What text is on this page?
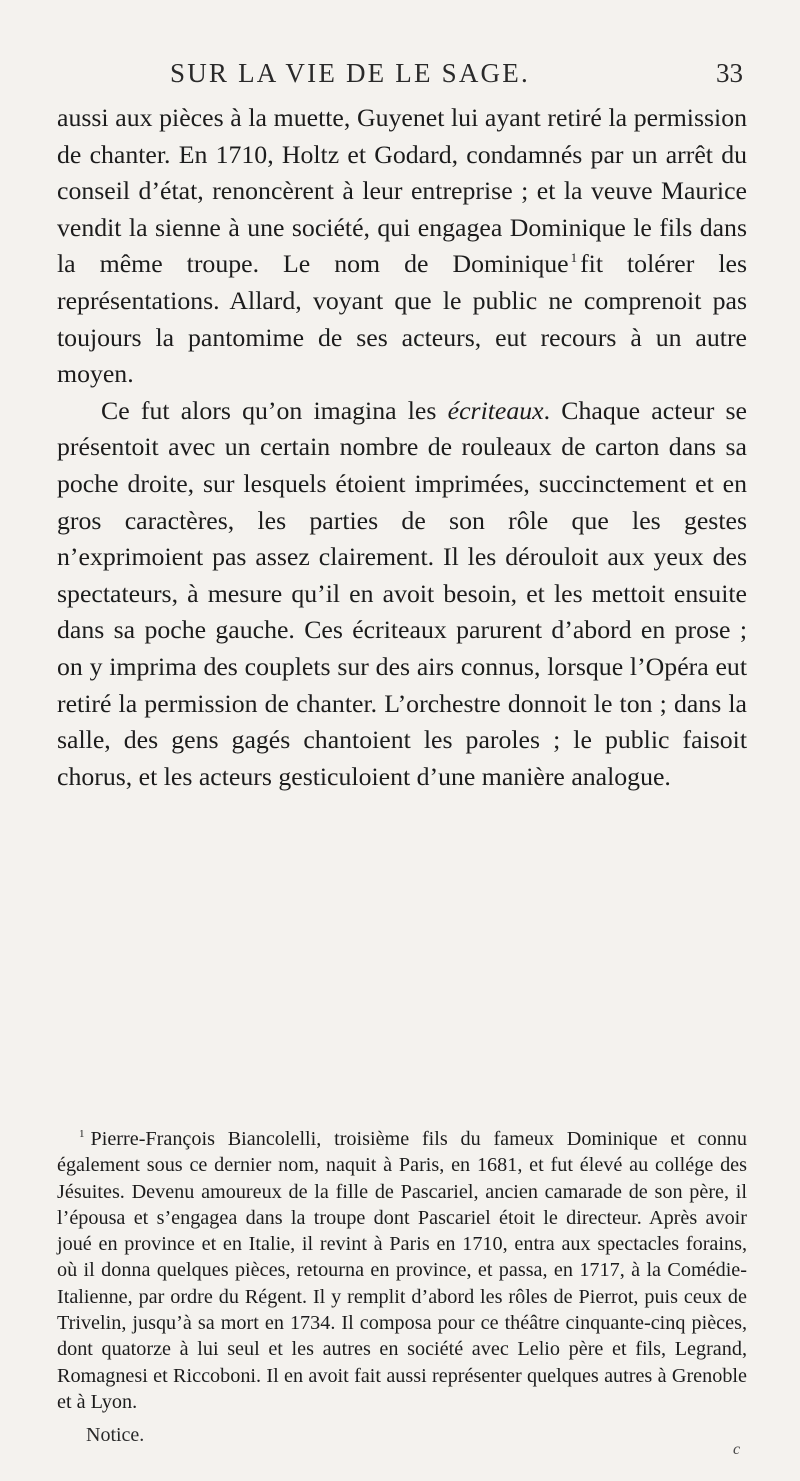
SUR LA VIE DE LE SAGE.	33

aussi aux pièces à la muette, Guyenet lui ayant retiré la permission de chanter. En 1710, Holtz et Godard, condamnés par un arrêt du conseil d’état, renoncèrent à leur entreprise ; et la veuve Maurice vendit la sienne à une société, qui engagea Dominique le fils dans la même troupe. Le nom de Dominique $^1$ fit tolérer les représentations. Allard, voyant que le public ne comprenoit pas toujours la pantomime de ses acteurs, eut recours à un autre moyen.

Ce fut alors qu’on imagina les écriteaux. Chaque acteur se présentoit avec un certain nombre de rouleaux de carton dans sa poche droite, sur lesquels étoient imprimées, succinctement et en gros caractères, les parties de son rôle que les gestes n’exprimoient pas assez clairement. Il les dérouloit aux yeux des spectateurs, à mesure qu’il en avoit besoin, et les mettoit ensuite dans sa poche gauche. Ces écriteaux parurent d’abord en prose ; on y imprima des couplets sur des airs connus, lorsque l’Opéra eut retiré la permission de chanter. L’orchestre donnoit le ton ; dans la salle, des gens gagés chantoient les paroles ; le public faisoit chorus, et les acteurs gesticuloient d’une manière analogue.

$^1$ Pierre-François Biancolelli, troisième fils du fameux Dominique et connu également sous ce dernier nom, naquit à Paris, en 1681, et fut élevé au collége des Jésuites. Devenu amoureux de la fille de Pascariel, ancien camarade de son père, il l’épousa et s’engagea dans la troupe dont Pascariel étoit le directeur. Après avoir joué en province et en Italie, il revint à Paris en 1710, entra aux spectacles forains, où il donna quelques pièces, retourna en province, et passa, en 1717, à la Comédie-Italienne, par ordre du Régent. Il y remplit d’abord les rôles de Pierrot, puis ceux de Trivelin, jusqu’à sa mort en 1734. Il composa pour ce théâtre cinquante-cinq pièces, dont quatorze à lui seul et les autres en société avec Lelio père et fils, Legrand, Romagnesi et Riccoboni. Il en avoit fait aussi représenter quelques autres à Grenoble et à Lyon.

Notice.
c
